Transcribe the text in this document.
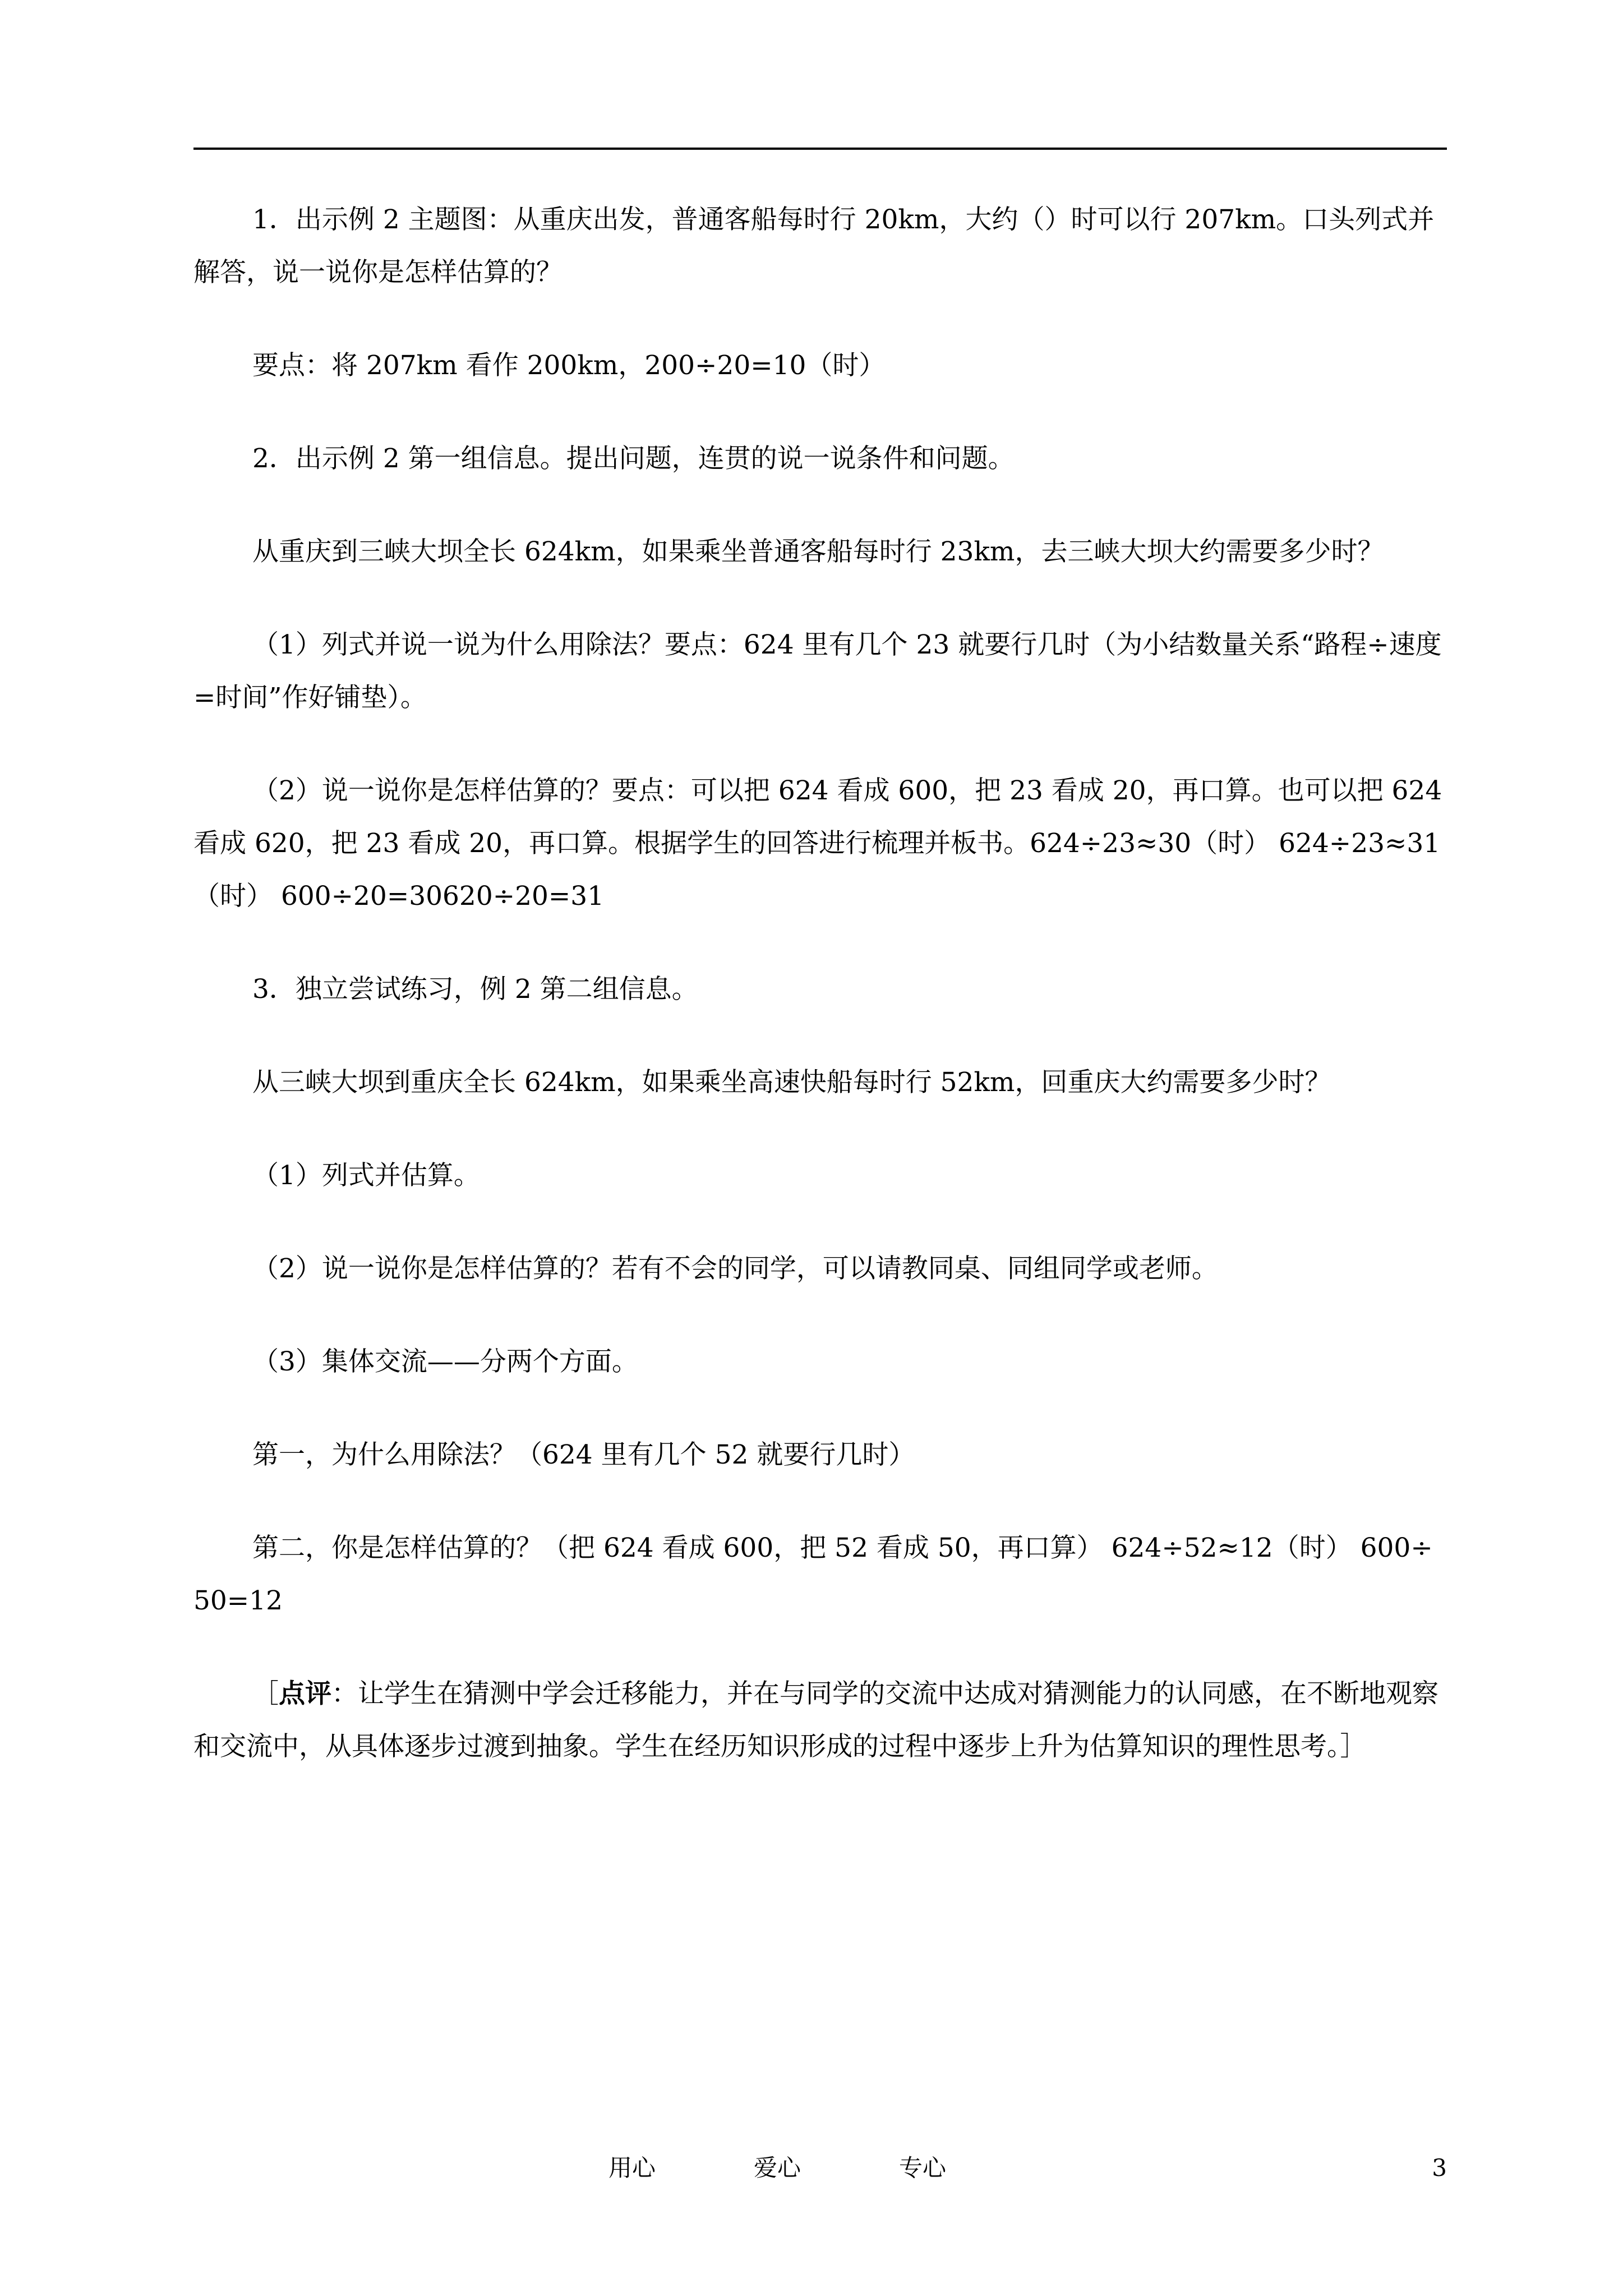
1．出示例 2 主题图：从重庆出发，普通客船每时行 20km，大约（）时可以行 207km。口头列式并解答，说一说你是怎样估算的？

要点：将 207km 看作 200km，200÷20=10（时）

2．出示例 2 第一组信息。提出问题，连贯的说一说条件和问题。

从重庆到三峡大坝全长 624km，如果乘坐普通客船每时行 23km，去三峡大坝大约需要多少时？

（1）列式并说一说为什么用除法？要点：624 里有几个 23 就要行几时（为小结数量关系“路程÷速度=时间”作好铺垫）。

（2）说一说你是怎样估算的？要点：可以把 624 看成 600，把 23 看成 20，再口算。也可以把 624 看成 620，把 23 看成 20，再口算。根据学生的回答进行梳理并板书。624÷23≈30（时） 624÷23≈31（时） 600÷20=30620÷20=31

3．独立尝试练习，例 2 第二组信息。

从三峡大坝到重庆全长 624km，如果乘坐高速快船每时行 52km，回重庆大约需要多少时？

（1）列式并估算。

（2）说一说你是怎样估算的？若有不会的同学，可以请教同桌、同组同学或老师。

（3）集体交流——分两个方面。

第一，为什么用除法？（624 里有几个 52 就要行几时）

第二，你是怎样估算的？（把 624 看成 600，把 52 看成 50，再口算） 624÷52≈12（时） 600÷50=12

［点评：让学生在猜测中学会迁移能力，并在与同学的交流中达成对猜测能力的认同感，在不断地观察和交流中，从具体逐步过渡到抽象。学生在经历知识形成的过程中逐步上升为估算知识的理性思考。］

用心	爱心	专心	3
